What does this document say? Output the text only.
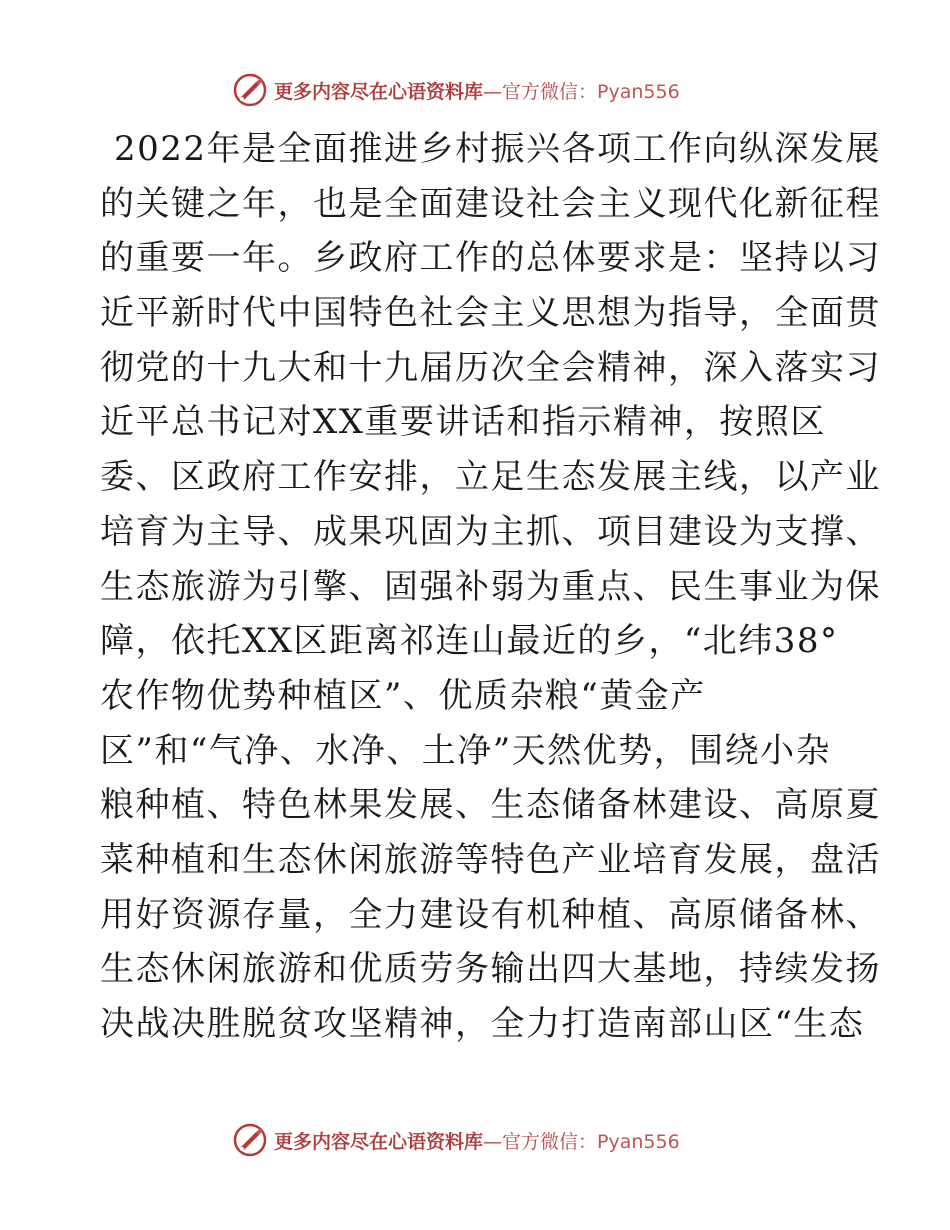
更多内容尽在心语资料库—官方微信：Pyan556
2022年是全面推进乡村振兴各项工作向纵深发展
的关键之年，也是全面建设社会主义现代化新征程
的重要一年。乡政府工作的总体要求是：坚持以习
近平新时代中国特色社会主义思想为指导，全面贯
彻党的十九大和十九届历次全会精神，深入落实习
近平总书记对XX重要讲话和指示精神，按照区
委、区政府工作安排，立足生态发展主线，以产业
培育为主导、成果巩固为主抓、项目建设为支撑、
生态旅游为引擎、固强补弱为重点、民生事业为保
障，依托XX区距离祁连山最近的乡，“北纬38°
农作物优势种植区”、优质杂粮“黄金产
区”和“气净、水净、土净”天然优势，围绕小杂
粮种植、特色林果发展、生态储备林建设、高原夏
菜种植和生态休闲旅游等特色产业培育发展，盘活
用好资源存量，全力建设有机种植、高原储备林、
生态休闲旅游和优质劳务输出四大基地，持续发扬
决战决胜脱贫攻坚精神，全力打造南部山区“生态
更多内容尽在心语资料库—官方微信：Pyan556
